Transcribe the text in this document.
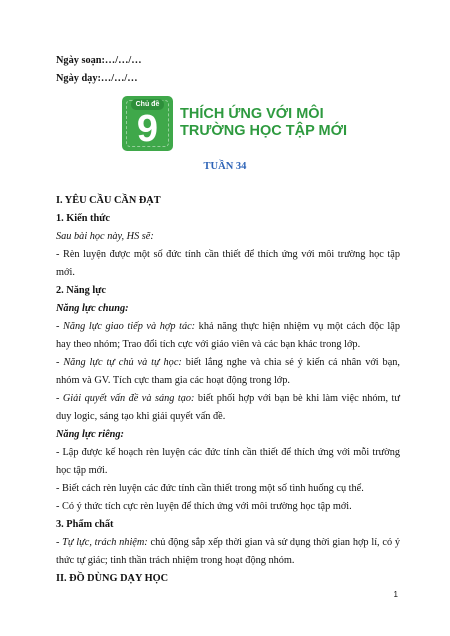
Ngày soạn:…/…/…
Ngày dạy:…/…/…
Chủ đề
9	THÍCH ỨNG VỚI MÔI
TRƯỜNG HỌC TẬP MỚI
TUẦN 34
I. YÊU CẦU CẦN ĐẠT
1. Kiến thức
Sau bài học này, HS sẽ:
- Rèn luyện được một số đức tính cần thiết để thích ứng với môi trường học tập
mới.
2. Năng lực
Năng lực chung:
- Năng lực giao tiếp và hợp tác: khả năng thực hiện nhiệm vụ một cách độc lập
hay theo nhóm; Trao đổi tích cực với giáo viên và các bạn khác trong lớp.
- Năng lực tự chủ và tự học: biết lắng nghe và chia sẻ ý kiến cá nhân với bạn,
nhóm và GV. Tích cực tham gia các hoạt động trong lớp.
- Giải quyết vấn đề và sáng tạo: biết phối hợp với bạn bè khi làm việc nhóm, tư
duy logic, sáng tạo khi giải quyết vấn đề.
Năng lực riêng:
- Lập được kế hoạch rèn luyện các đức tính cần thiết để thích ứng với mỗi trường
học tập mới.
- Biết cách rèn luyện các đức tính cần thiết trong một số tình huống cụ thể.
- Có ý thức tích cực rèn luyện để thích ứng với môi trường học tập mới.
3. Phẩm chất
- Tự lực, trách nhiệm: chủ động sắp xếp thời gian và sử dụng thời gian hợp lí, có ý
thức tự giác; tinh thần trách nhiệm trong hoạt động nhóm.
II. ĐỒ DÙNG DẠY HỌC
1
